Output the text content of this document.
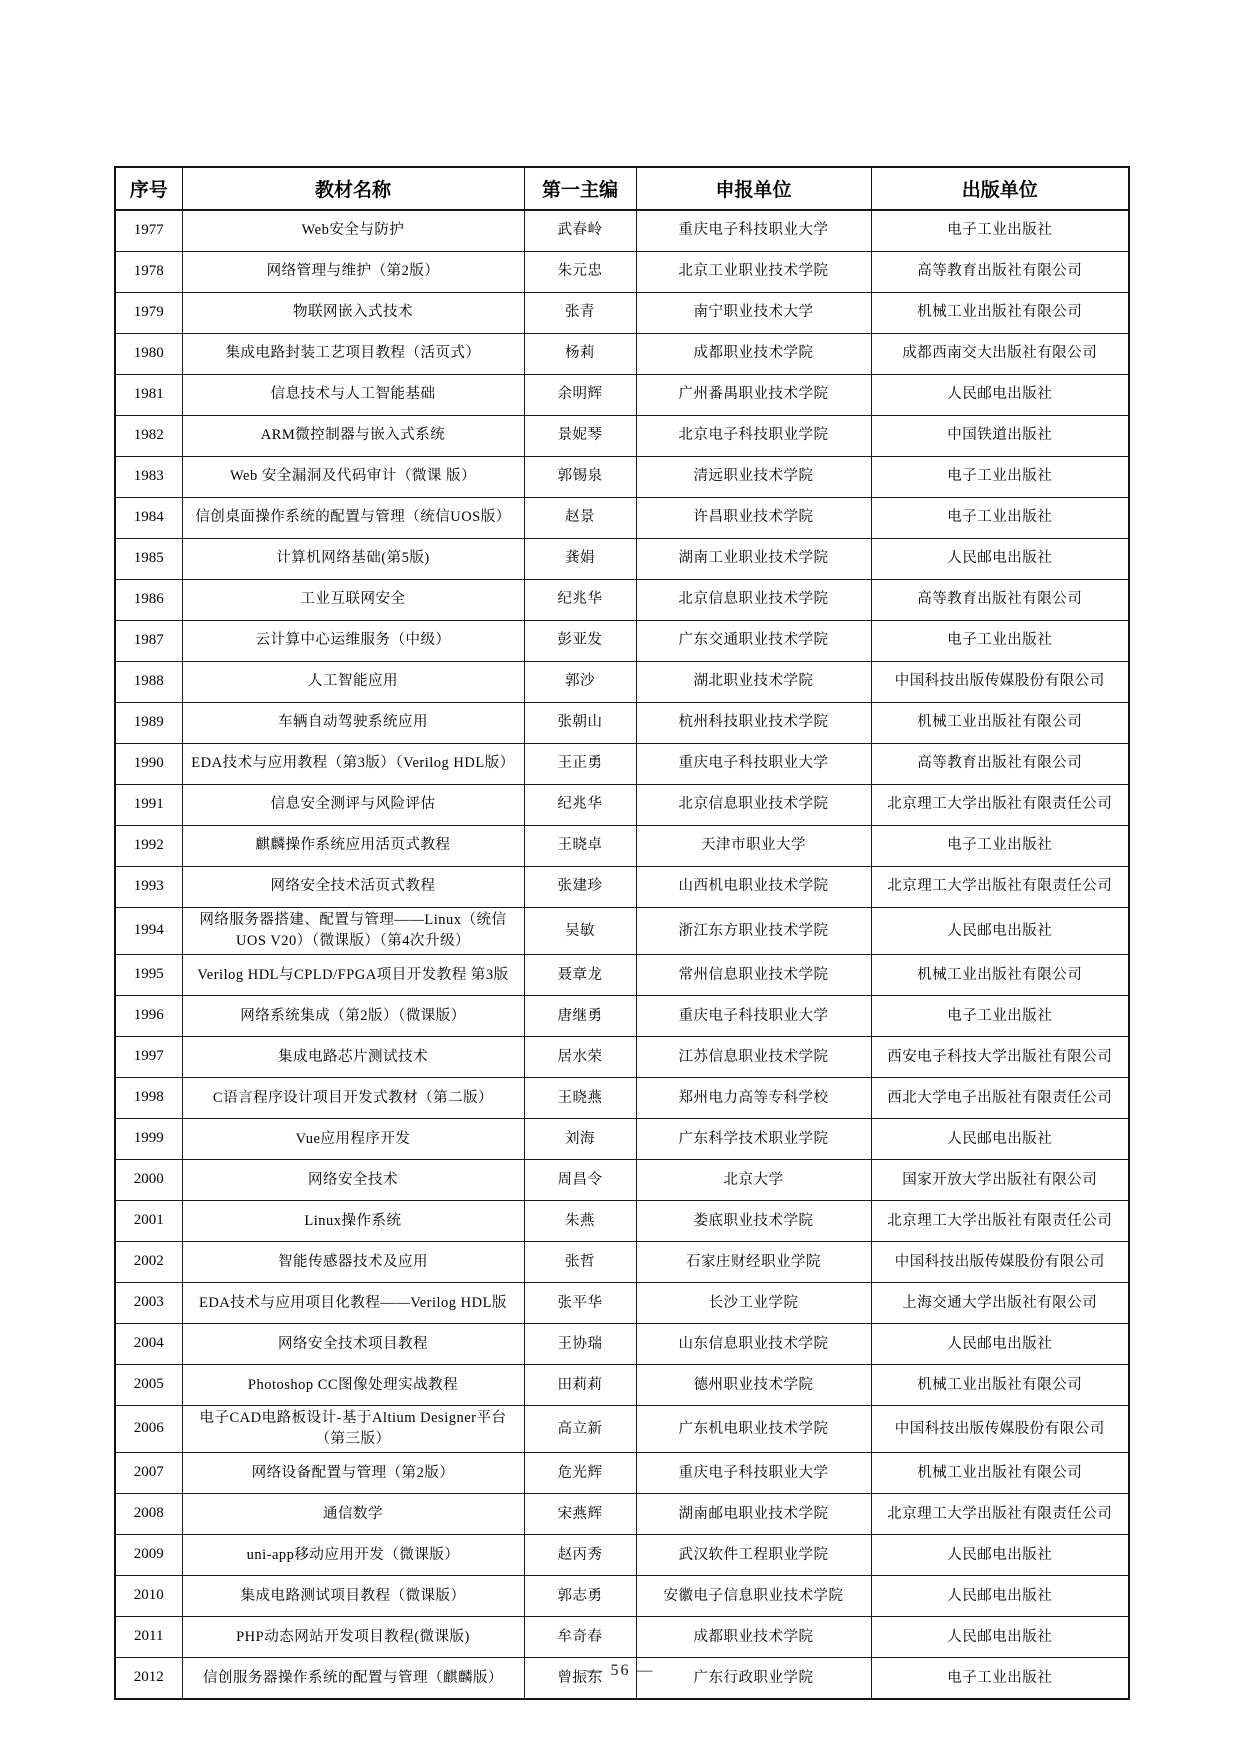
序号	教材名称	第一主编	申报单位	出版单位
1977	Web安全与防护	武春岭	重庆电子科技职业大学	电子工业出版社
1978	网络管理与维护（第2版）	朱元忠	北京工业职业技术学院	高等教育出版社有限公司
1979	物联网嵌入式技术	张青	南宁职业技术大学	机械工业出版社有限公司
1980	集成电路封装工艺项目教程（活页式）	杨莉	成都职业技术学院	成都西南交大出版社有限公司
1981	信息技术与人工智能基础	余明辉	广州番禺职业技术学院	人民邮电出版社
1982	ARM微控制器与嵌入式系统	景妮琴	北京电子科技职业学院	中国铁道出版社
1983	Web 安全漏洞及代码审计（微课 版）	郭锡泉	清远职业技术学院	电子工业出版社
1984	信创桌面操作系统的配置与管理（统信UOS版）	赵景	许昌职业技术学院	电子工业出版社
1985	计算机网络基础(第5版)	龚娟	湖南工业职业技术学院	人民邮电出版社
1986	工业互联网安全	纪兆华	北京信息职业技术学院	高等教育出版社有限公司
1987	云计算中心运维服务（中级）	彭亚发	广东交通职业技术学院	电子工业出版社
1988	人工智能应用	郭沙	湖北职业技术学院	中国科技出版传媒股份有限公司
1989	车辆自动驾驶系统应用	张朝山	杭州科技职业技术学院	机械工业出版社有限公司
1990	EDA技术与应用教程（第3版）（Verilog HDL版）	王正勇	重庆电子科技职业大学	高等教育出版社有限公司
1991	信息安全测评与风险评估	纪兆华	北京信息职业技术学院	北京理工大学出版社有限责任公司
1992	麒麟操作系统应用活页式教程	王晓卓	天津市职业大学	电子工业出版社
1993	网络安全技术活页式教程	张建珍	山西机电职业技术学院	北京理工大学出版社有限责任公司
1994	网络服务器搭建、配置与管理——Linux（统信 UOS V20）（微课版）（第4次升级）	吴敏	浙江东方职业技术学院	人民邮电出版社
1995	Verilog HDL与CPLD/FPGA项目开发教程 第3版	聂章龙	常州信息职业技术学院	机械工业出版社有限公司
1996	网络系统集成（第2版）（微课版）	唐继勇	重庆电子科技职业大学	电子工业出版社
1997	集成电路芯片测试技术	居水荣	江苏信息职业技术学院	西安电子科技大学出版社有限公司
1998	C语言程序设计项目开发式教材（第二版）	王晓燕	郑州电力高等专科学校	西北大学电子出版社有限责任公司
1999	Vue应用程序开发	刘海	广东科学技术职业学院	人民邮电出版社
2000	网络安全技术	周昌令	北京大学	国家开放大学出版社有限公司
2001	Linux操作系统	朱燕	娄底职业技术学院	北京理工大学出版社有限责任公司
2002	智能传感器技术及应用	张哲	石家庄财经职业学院	中国科技出版传媒股份有限公司
2003	EDA技术与应用项目化教程——Verilog HDL版	张平华	长沙工业学院	上海交通大学出版社有限公司
2004	网络安全技术项目教程	王协瑞	山东信息职业技术学院	人民邮电出版社
2005	Photoshop CC图像处理实战教程	田莉莉	德州职业技术学院	机械工业出版社有限公司
2006	电子CAD电路板设计-基于Altium Designer平台（第三版）	高立新	广东机电职业技术学院	中国科技出版传媒股份有限公司
2007	网络设备配置与管理（第2版）	危光辉	重庆电子科技职业大学	机械工业出版社有限公司
2008	通信数学	宋燕辉	湖南邮电职业技术学院	北京理工大学出版社有限责任公司
2009	uni-app移动应用开发（微课版）	赵丙秀	武汉软件工程职业学院	人民邮电出版社
2010	集成电路测试项目教程（微课版）	郭志勇	安徽电子信息职业技术学院	人民邮电出版社
2011	PHP动态网站开发项目教程(微课版)	牟奇春	成都职业技术学院	人民邮电出版社
2012	信创服务器操作系统的配置与管理（麒麟版）	曾振东	广东行政职业学院	电子工业出版社
— 56 —
